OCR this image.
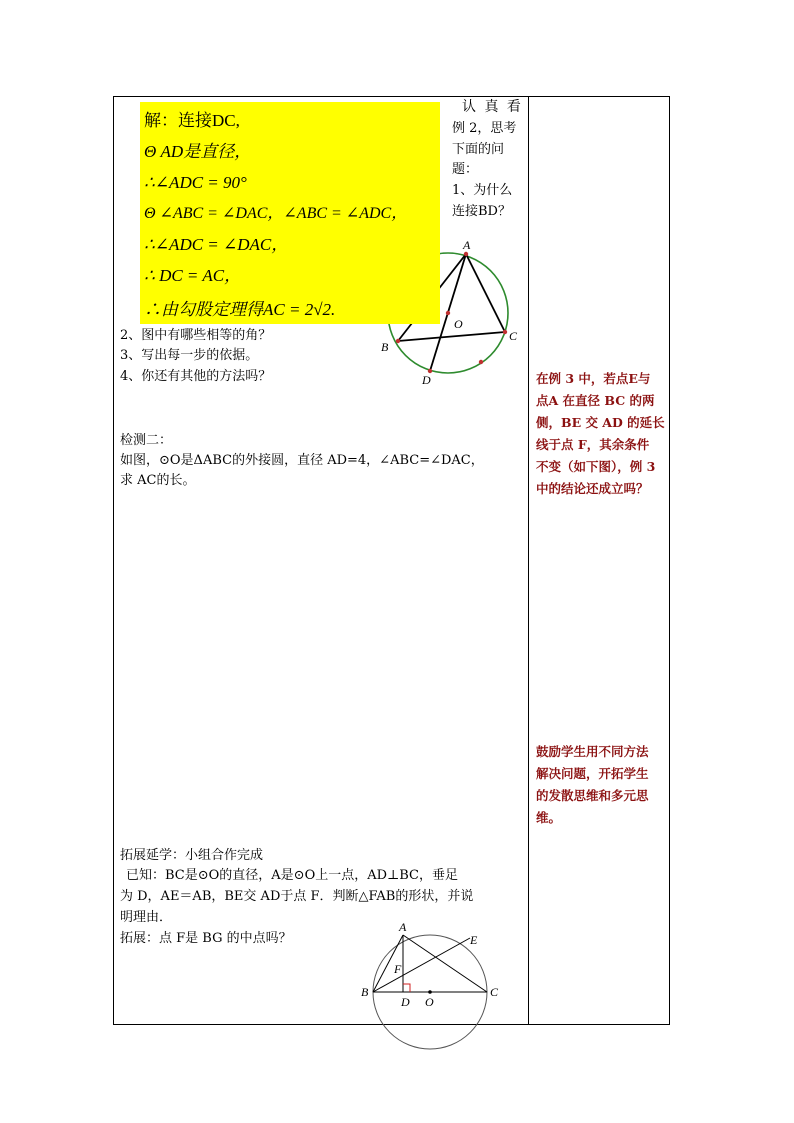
A
B
C
D
O
解：连接DC,
Θ AD是直径，
∴∠ADC = 90°
Θ ∠ABC = ∠DAC，∠ABC = ∠ADC，
∴∠ADC = ∠DAC，
∴ DC = AC，
∴由勾股定理得AC = 2√2.
认 真 看
例 2，思考
下面的问
题：
1、为什么
连接BD？
2、图中有哪些相等的角？
3、写出每一步的依据。
4、你还有其他的方法吗？
检测二：
如图，⊙O是ΔABC的外接圆，直径 AD=4，∠ABC=∠DAC，
求 AC的长。
拓展延学：小组合作完成
已知：BC是⊙O的直径，A是⊙O上一点，AD⊥BC，垂足
为 D，AE＝AB，BE交 AD于点 F．判断△FAB的形状，并说
明理由．
拓展：点 F是 BG 的中点吗？
在例 3 中，若点E与
点A 在直径 BC 的两
侧，BE 交 AD 的延长
线于点 F，其余条件
不变（如下图），例 3
中的结论还成立吗？
鼓励学生用不同方法
解决问题，开拓学生
的发散思维和多元思
维。
A
E
F
B	C
D O
